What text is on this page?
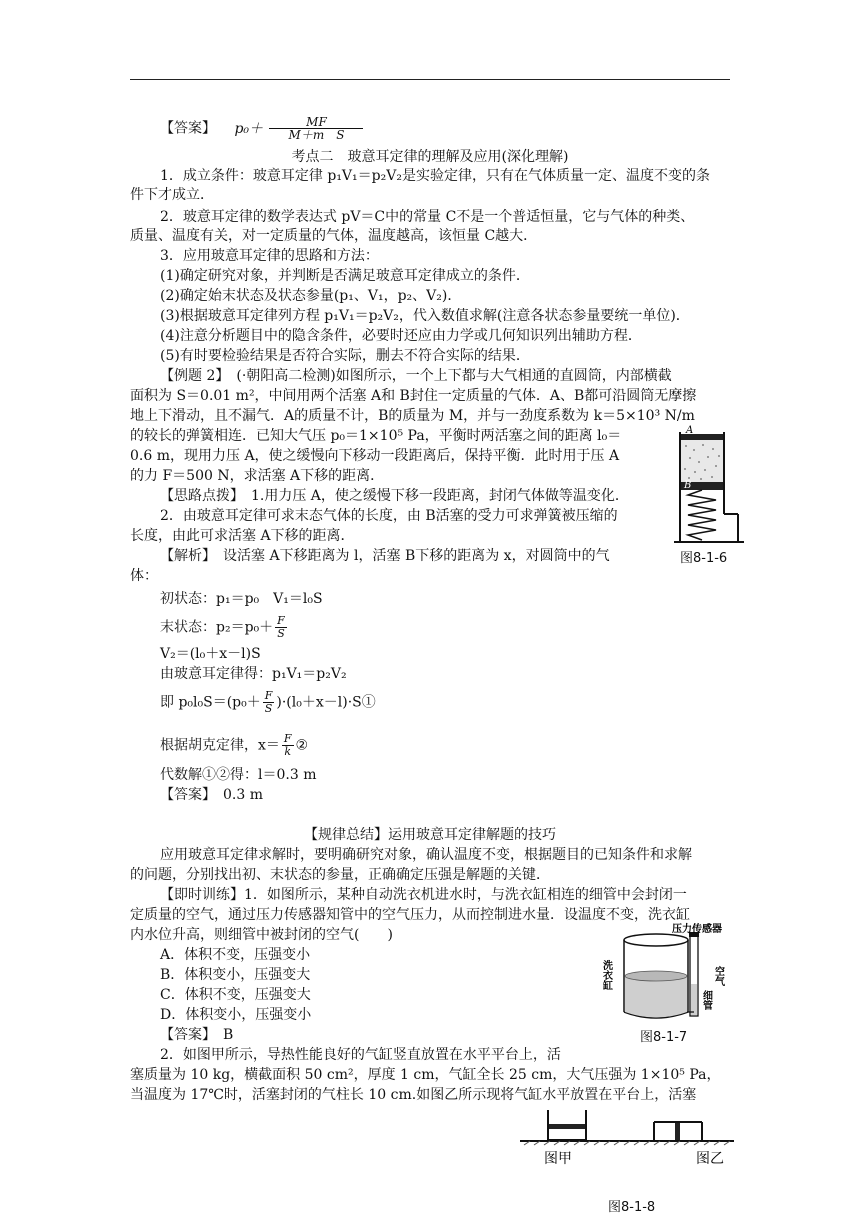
【答案】 $p_0+ \frac{MF}{\text{M＋m　S}}$
考点二　玻意耳定律的理解及应用(深化理解)
1．成立条件：玻意耳定律 p₁V₁＝p₂V₂是实验定律，只有在气体质量一定、温度不变的条
件下才成立．
2．玻意耳定律的数学表达式 pV＝C中的常量 C不是一个普适恒量，它与气体的种类、
质量、温度有关，对一定质量的气体，温度越高，该恒量 C越大．
3．应用玻意耳定律的思路和方法：
(1)确定研究对象，并判断是否满足玻意耳定律成立的条件．
(2)确定始末状态及状态参量(p₁、V₁，p₂、V₂)．
(3)根据玻意耳定律列方程 p₁V₁＝p₂V₂，代入数值求解(注意各状态参量要统一单位)．
(4)注意分析题目中的隐含条件，必要时还应由力学或几何知识列出辅助方程．
(5)有时要检验结果是否符合实际，删去不符合实际的结果．
【例题 2】　(·朝阳高二检测)如图所示，一个上下都与大气相通的直圆筒，内部横截
面积为 S＝0.01 m²，中间用两个活塞 A和 B封住一定质量的气体．A、B都可沿圆筒无摩擦
地上下滑动，且不漏气．A的质量不计，B的质量为 M，并与一劲度系数为 k＝5×10³ N/m
的较长的弹簧相连．已知大气压 p₀＝1×10⁵ Pa，平衡时两活塞之间的距离 l₀＝
0.6 m，现用力压 A，使之缓慢向下移动一段距离后，保持平衡．此时用于压 A
的力 F＝500 N，求活塞 A下移的距离．
【思路点拨】　1.用力压 A，使之缓慢下移一段距离，封闭气体做等温变化．
2．由玻意耳定律可求末态气体的长度，由 B活塞的受力可求弹簧被压缩的
长度，由此可求活塞 A下移的距离．
【解析】　设活塞 A下移距离为 l，活塞 B下移的距离为 x，对圆筒中的气
体：
初状态：p₁＝p₀　V₁＝l₀S
末状态：$p_2=p_0+ \frac{F}{S}$
V₂＝(l₀＋x－l)S
由玻意耳定律得：p₁V₁＝p₂V₂
即 $p_0l_0S=(p_0+ \frac{F}{S}$ )·(l₀＋x－l)·S①
根据胡克定律，$x= \frac{F}{k}$ ②
代数解①②得：l＝0.3 m
【答案】　0.3 m
【规律总结】运用玻意耳定律解题的技巧
应用玻意耳定律求解时，要明确研究对象，确认温度不变，根据题目的已知条件和求解
的问题，分别找出初、末状态的参量，正确确定压强是解题的关键．
【即时训练】1．如图所示，某种自动洗衣机进水时，与洗衣缸相连的细管中会封闭一
定质量的空气，通过压力传感器知管中的空气压力，从而控制进水量．设温度不变，洗衣缸
内水位升高，则细管中被封闭的空气(　　)
A．体积不变，压强变小
B．体积变小，压强变大
C．体积不变，压强变大
D．体积变小，压强变小
【答案】　B
2．如图甲所示，导热性能良好的气缸竖直放置在水平平台上，活
塞质量为 10 kg，横截面积 50 cm²，厚度 1 cm，气缸全长 25 cm，大气压强为 1×10⁵ Pa，
当温度为 17℃时，活塞封闭的气柱长 10 cm.如图乙所示现将气缸水平放置在平台上，活塞
A
B
图8-1-6
压力传感器
洗衣缸	空气
细管
图8-1-7
图甲	图乙
图8-1-8
